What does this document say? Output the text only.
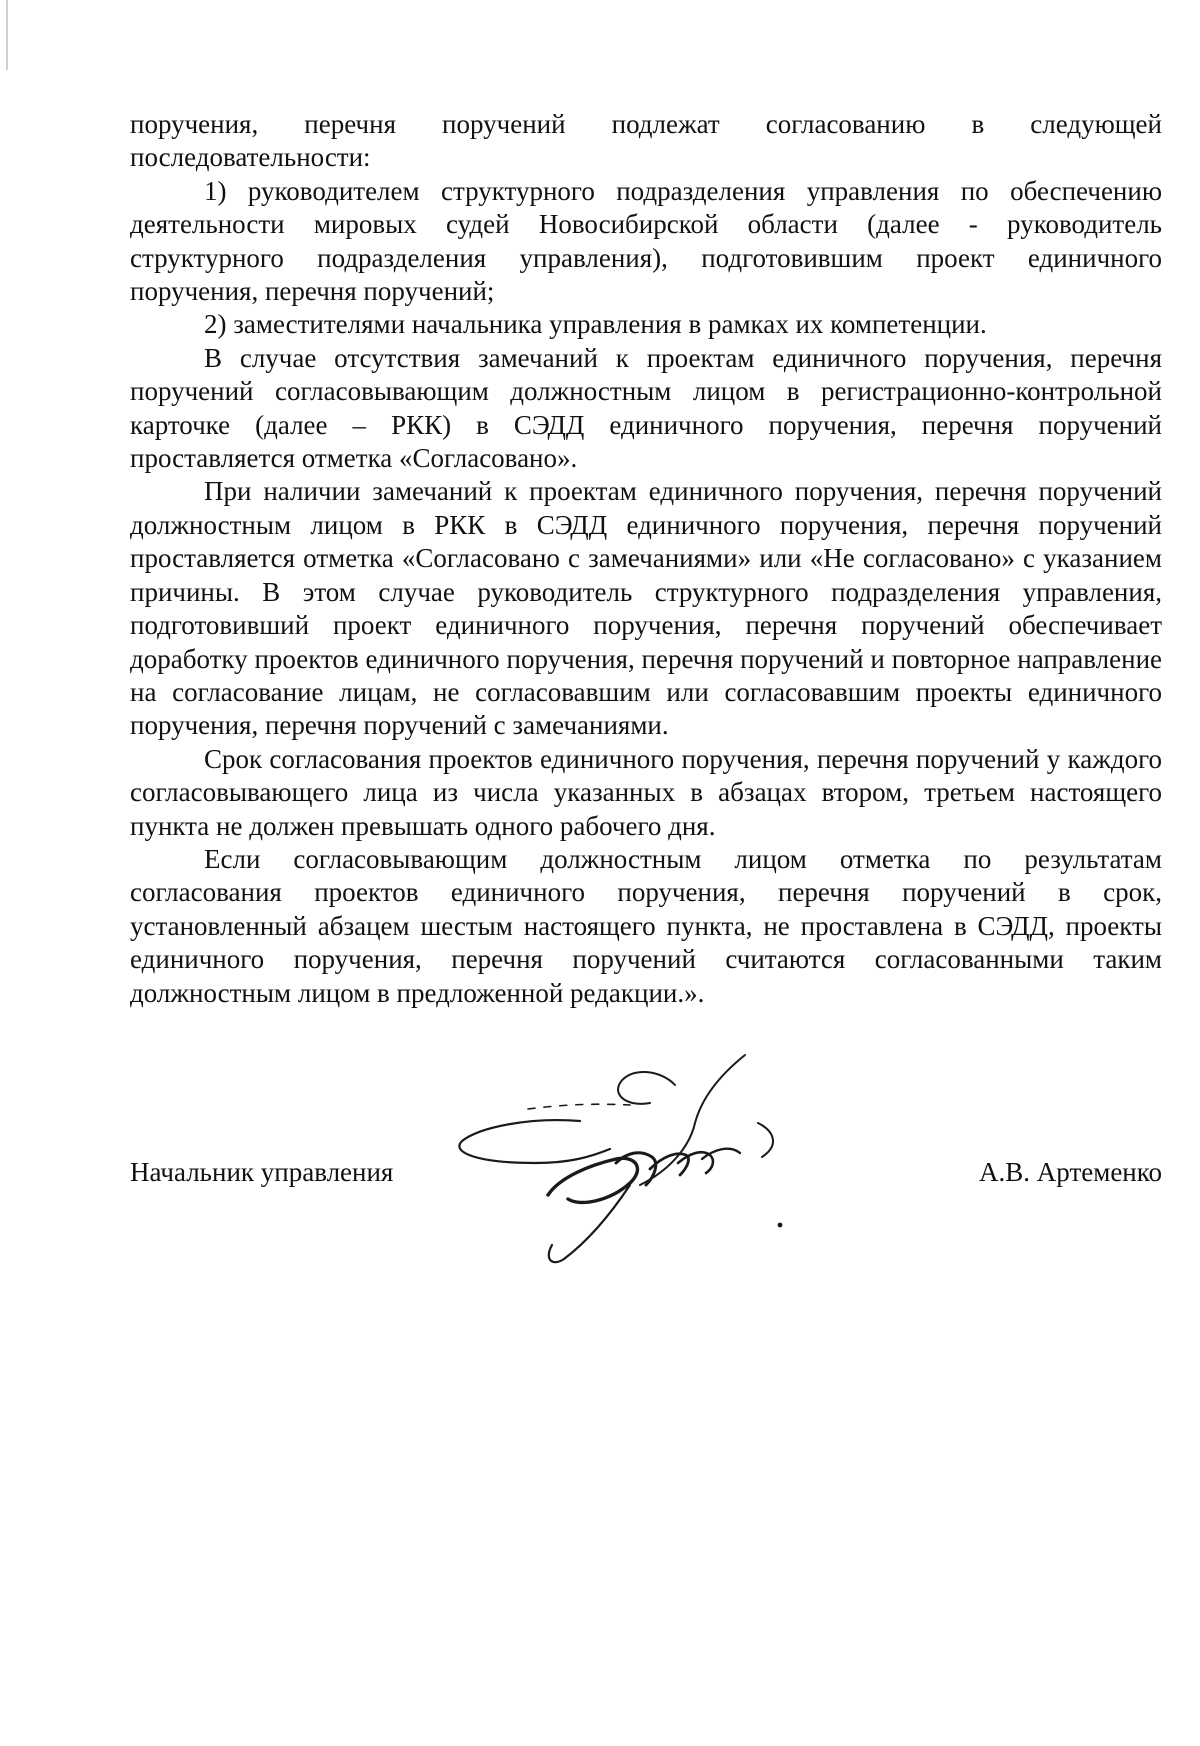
поручения, перечня поручений подлежат согласованию в следующей последовательности:

1) руководителем структурного подразделения управления по обеспечению деятельности мировых судей Новосибирской области (далее - руководитель структурного подразделения управления), подготовившим проект единичного поручения, перечня поручений;

2) заместителями начальника управления в рамках их компетенции.

В случае отсутствия замечаний к проектам единичного поручения, перечня поручений согласовывающим должностным лицом в регистрационно-контрольной карточке (далее – РКК) в СЭДД единичного поручения, перечня поручений проставляется отметка «Согласовано».

При наличии замечаний к проектам единичного поручения, перечня поручений должностным лицом в РКК в СЭДД единичного поручения, перечня поручений проставляется отметка «Согласовано с замечаниями» или «Не согласовано» с указанием причины. В этом случае руководитель структурного подразделения управления, подготовивший проект единичного поручения, перечня поручений обеспечивает доработку проектов единичного поручения, перечня поручений и повторное направление на согласование лицам, не согласовавшим или согласовавшим проекты единичного поручения, перечня поручений с замечаниями.

Срок согласования проектов единичного поручения, перечня поручений у каждого согласовывающего лица из числа указанных в абзацах втором, третьем настоящего пункта не должен превышать одного рабочего дня.

Если согласовывающим должностным лицом отметка по результатам согласования проектов единичного поручения, перечня поручений в срок, установленный абзацем шестым настоящего пункта, не проставлена в СЭДД, проекты единичного поручения, перечня поручений считаются согласованными таким должностным лицом в предложенной редакции.».

Начальник управления	А.В. Артеменко
